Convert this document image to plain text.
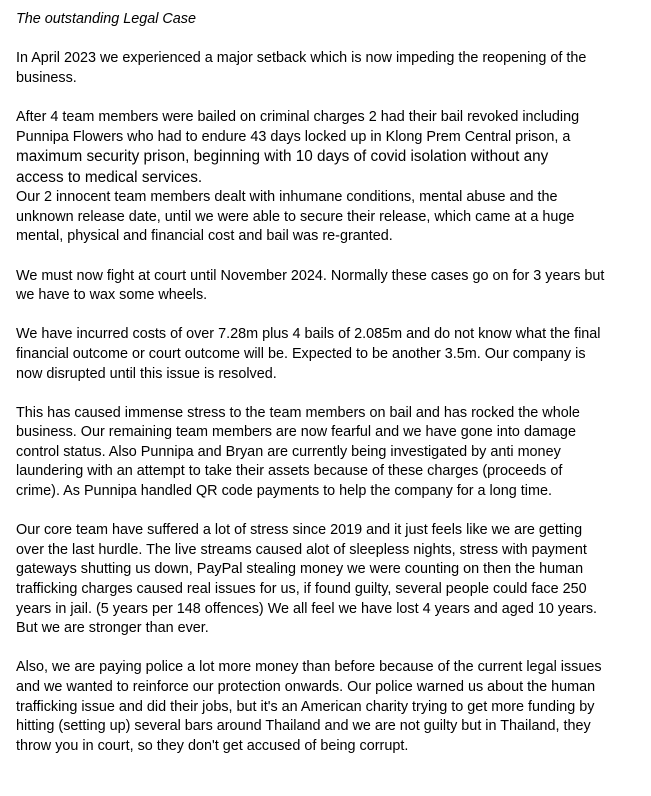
The outstanding Legal Case
In April 2023 we experienced a major setback which is now impeding the reopening of the
business.
After 4 team members were bailed on criminal charges 2 had their bail revoked including
Punnipa Flowers who had to endure 43 days locked up in Klong Prem Central prison, a
maximum security prison, beginning with 10 days of covid isolation without any
access to medical services.
Our 2 innocent team members dealt with inhumane conditions, mental abuse and the
unknown release date, until we were able to secure their release, which came at a huge
mental, physical and financial cost and bail was re-granted.
We must now fight at court until November 2024. Normally these cases go on for 3 years but
we have to wax some wheels.
We have incurred costs of over 7.28m plus 4 bails of 2.085m and do not know what the final
financial outcome or court outcome will be. Expected to be another 3.5m. Our company is
now disrupted until this issue is resolved.
This has caused immense stress to the team members on bail and has rocked the whole
business. Our remaining team members are now fearful and we have gone into damage
control status. Also Punnipa and Bryan are currently being investigated by anti money
laundering with an attempt to take their assets because of these charges (proceeds of
crime). As Punnipa handled QR code payments to help the company for a long time.
Our core team have suffered a lot of stress since 2019 and it just feels like we are getting
over the last hurdle. The live streams caused alot of sleepless nights, stress with payment
gateways shutting us down, PayPal stealing money we were counting on then the human
trafficking charges caused real issues for us, if found guilty, several people could face 250
years in jail. (5 years per 148 offences) We all feel we have lost 4 years and aged 10 years.
But we are stronger than ever.
Also, we are paying police a lot more money than before because of the current legal issues
and we wanted to reinforce our protection onwards. Our police warned us about the human
trafficking issue and did their jobs, but it's an American charity trying to get more funding by
hitting (setting up) several bars around Thailand and we are not guilty but in Thailand, they
throw you in court, so they don't get accused of being corrupt.
